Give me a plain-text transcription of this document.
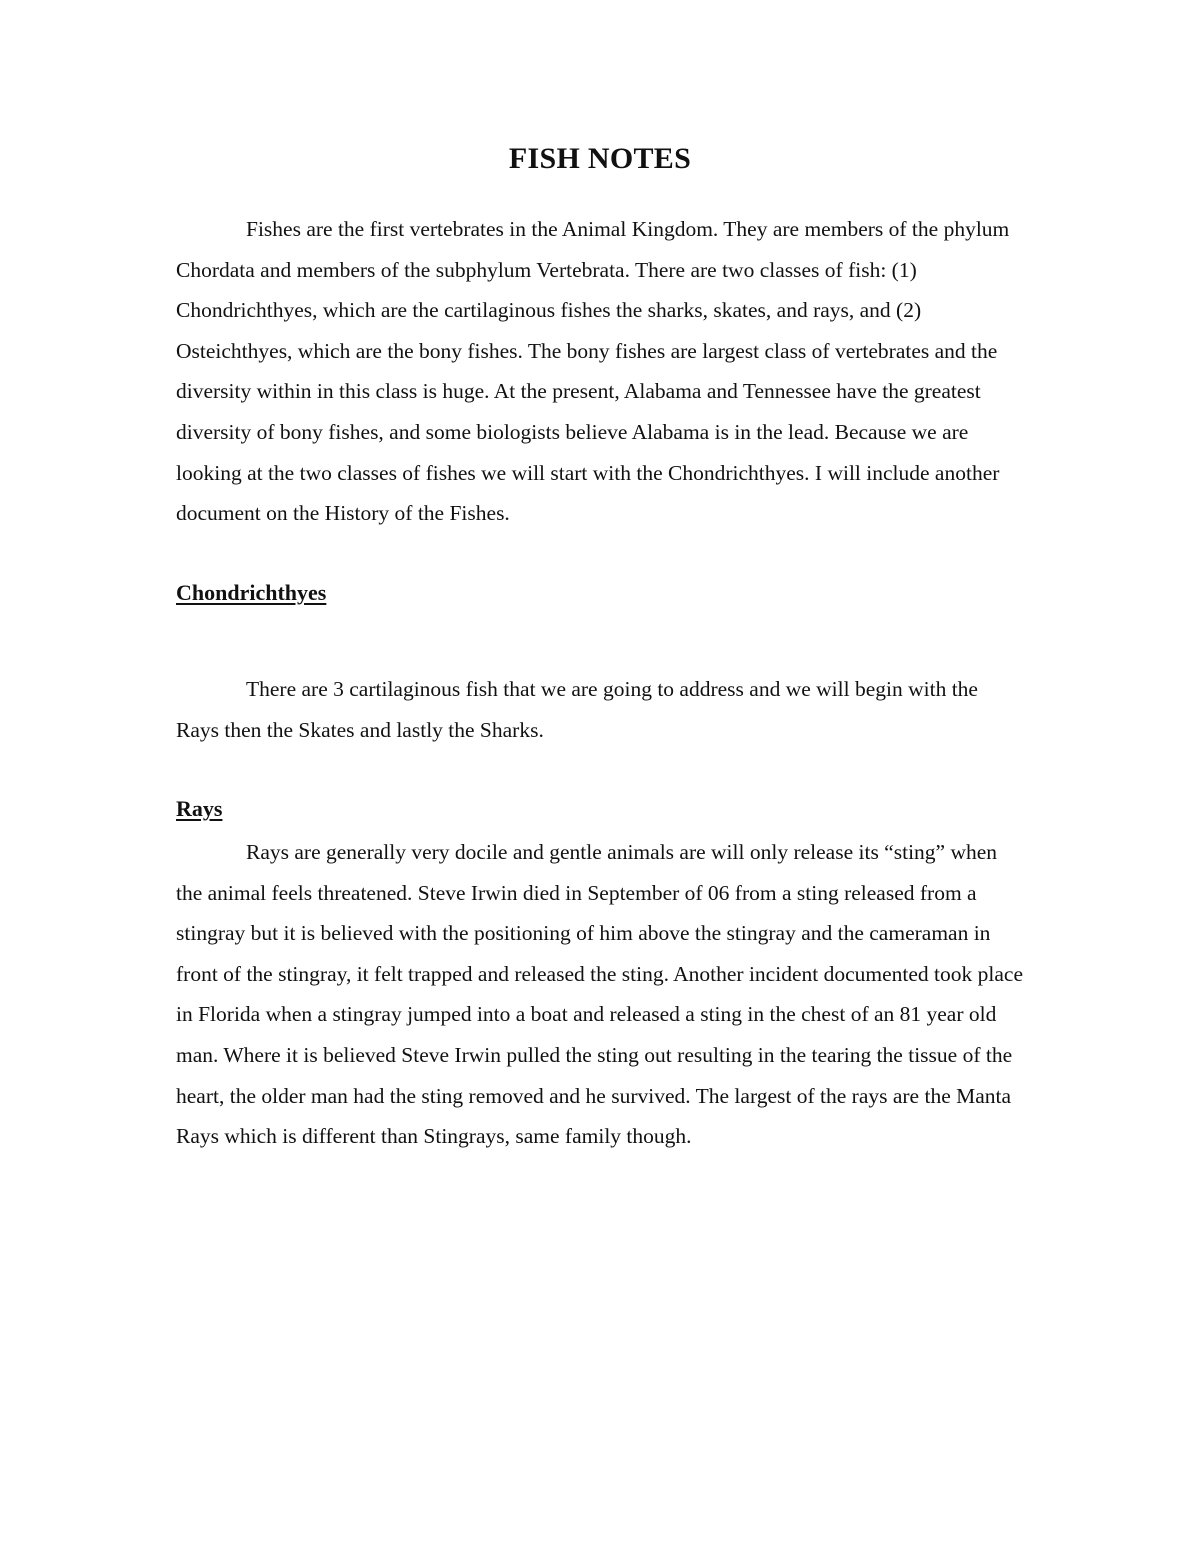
FISH NOTES

Fishes are the first vertebrates in the Animal Kingdom. They are members of the phylum Chordata and members of the subphylum Vertebrata. There are two classes of fish: (1) Chondrichthyes, which are the cartilaginous fishes the sharks, skates, and rays, and (2) Osteichthyes, which are the bony fishes. The bony fishes are largest class of vertebrates and the diversity within in this class is huge. At the present, Alabama and Tennessee have the greatest diversity of bony fishes, and some biologists believe Alabama is in the lead. Because we are looking at the two classes of fishes we will start with the Chondrichthyes. I will include another document on the History of the Fishes.

Chondrichthyes

There are 3 cartilaginous fish that we are going to address and we will begin with the Rays then the Skates and lastly the Sharks.

Rays

Rays are generally very docile and gentle animals are will only release its “sting” when the animal feels threatened. Steve Irwin died in September of 06 from a sting released from a stingray but it is believed with the positioning of him above the stingray and the cameraman in front of the stingray, it felt trapped and released the sting. Another incident documented took place in Florida when a stingray jumped into a boat and released a sting in the chest of an 81 year old man. Where it is believed Steve Irwin pulled the sting out resulting in the tearing the tissue of the heart, the older man had the sting removed and he survived. The largest of the rays are the Manta Rays which is different than Stingrays, same family though.
